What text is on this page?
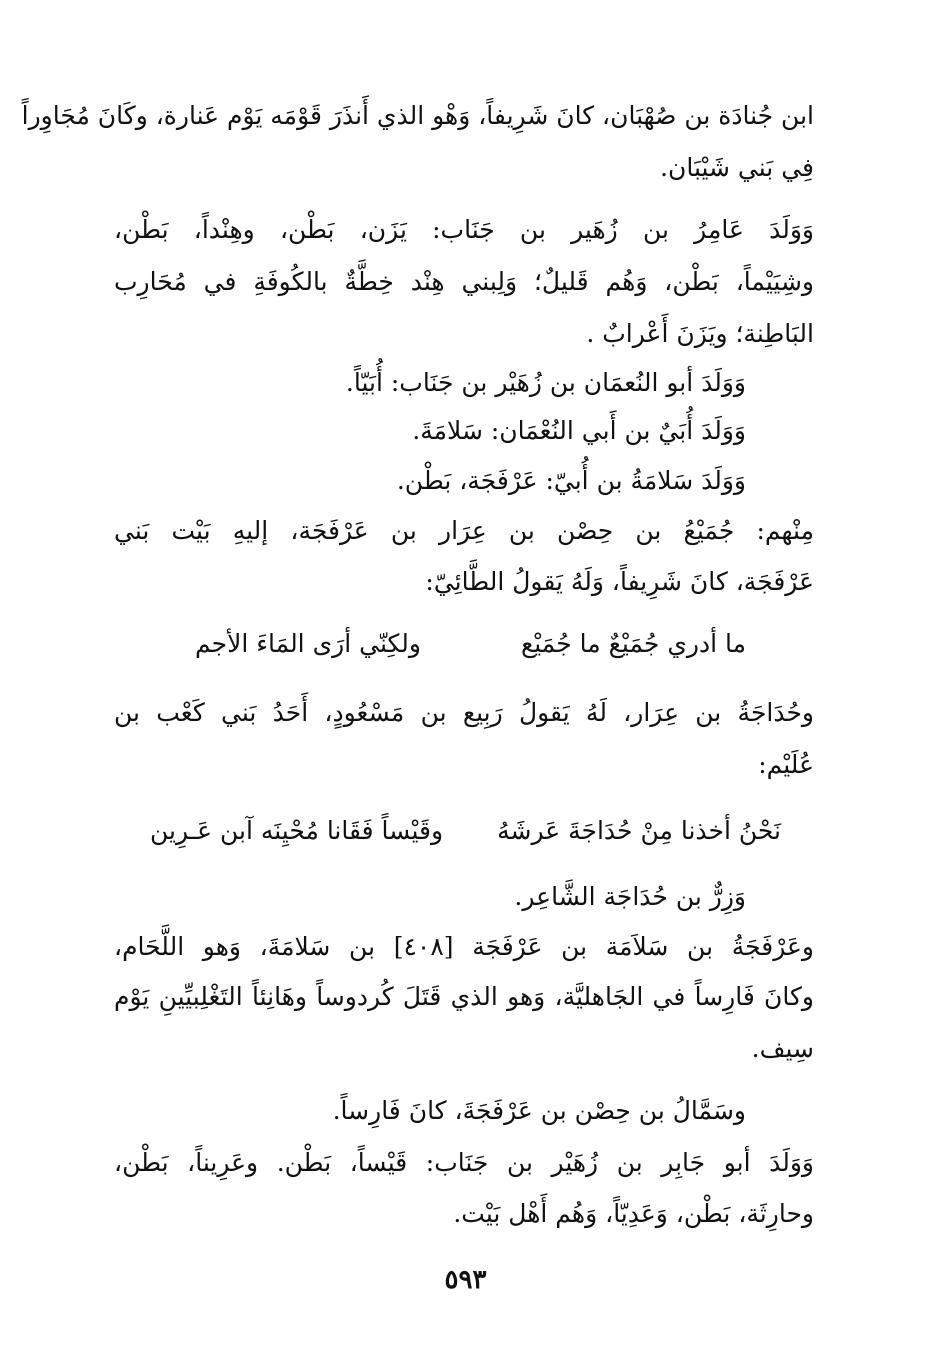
ابن جُنادَة بن صُهْبَان، كانَ شَرِيفاً، وَهْو الذي أَنذَرَ قَوْمَه يَوْم عَنارة، وكَانَ مُجَاوِراً
فِي بَني شَيْبَان.
وَوَلَدَ عَامِرُ بن زُهَير بن جَنَاب: يَزَن، بَطْن، وهِنْداً، بَطْن،
وشِيَيْماً، بَطْن، وَهُم قَليلٌ؛ وَلِبني هِنْد خِطَّةٌ بالكُوفَةِ في مُحَارِب
البَاطِنة؛ ويَزَنَ أَعْرابٌ .
وَوَلَدَ أبو النُعمَان بن زُهَيْر بن جَنَاب: أُبَيّاً.
وَوَلَدَ أُبَيٌ بن أَبي النُعْمَان: سَلامَةَ.
وَوَلَدَ سَلامَةُ بن أُبيّ: عَرْفَجَة، بَطْن.
مِنْهم: جُمَيْعُ بن حِصْن بن عِرَار بن عَرْفَجَة، إليهِ بَيْت بَني
عَرْفَجَة، كانَ شَرِيفاً، وَلَهُ يَقولُ الطَّائِيّ:
ما أدري جُمَيْعٌ ما جُمَيْع
ولكِنّي أرَى المَاءَ الأجم
وحُدَاجَةُ بن عِرَار، لَهُ يَقولُ رَبِيع بن مَسْعُودٍ، أَحَدُ بَني كَعْب بن
عُلَيْم:
نَحْنُ أخذنا مِنْ حُدَاجَةَ عَرشَهُ
وقَيْساً فَقَانا مُحْيِنَه آبن عَـرِين
وَزِرٌّ بن حُدَاجَة الشَّاعِر.
وعَرْفَجَةُ بن سَلاَمَة بن عَرْفَجَة [٤٠٨] بن سَلامَةَ، وَهو اللَّحَام،
وكانَ فَارِساً في الجَاهليَّة، وَهو الذي قَتَلَ كُردوساً وهَانِئاً التَغْلِبيِّينِ يَوْم
سِيف.
وسَمَّالُ بن حِصْن بن عَرْفَجَةَ، كانَ فَارِساً.
وَوَلَدَ أبو جَابِر بن زُهَيْر بن جَنَاب: قَيْساً، بَطْن. وعَرِيناً، بَطْن،
وحارِثَة، بَطْن، وَعَدِيّاً، وَهُم أَهْل بَيْت.
٥٩٣
